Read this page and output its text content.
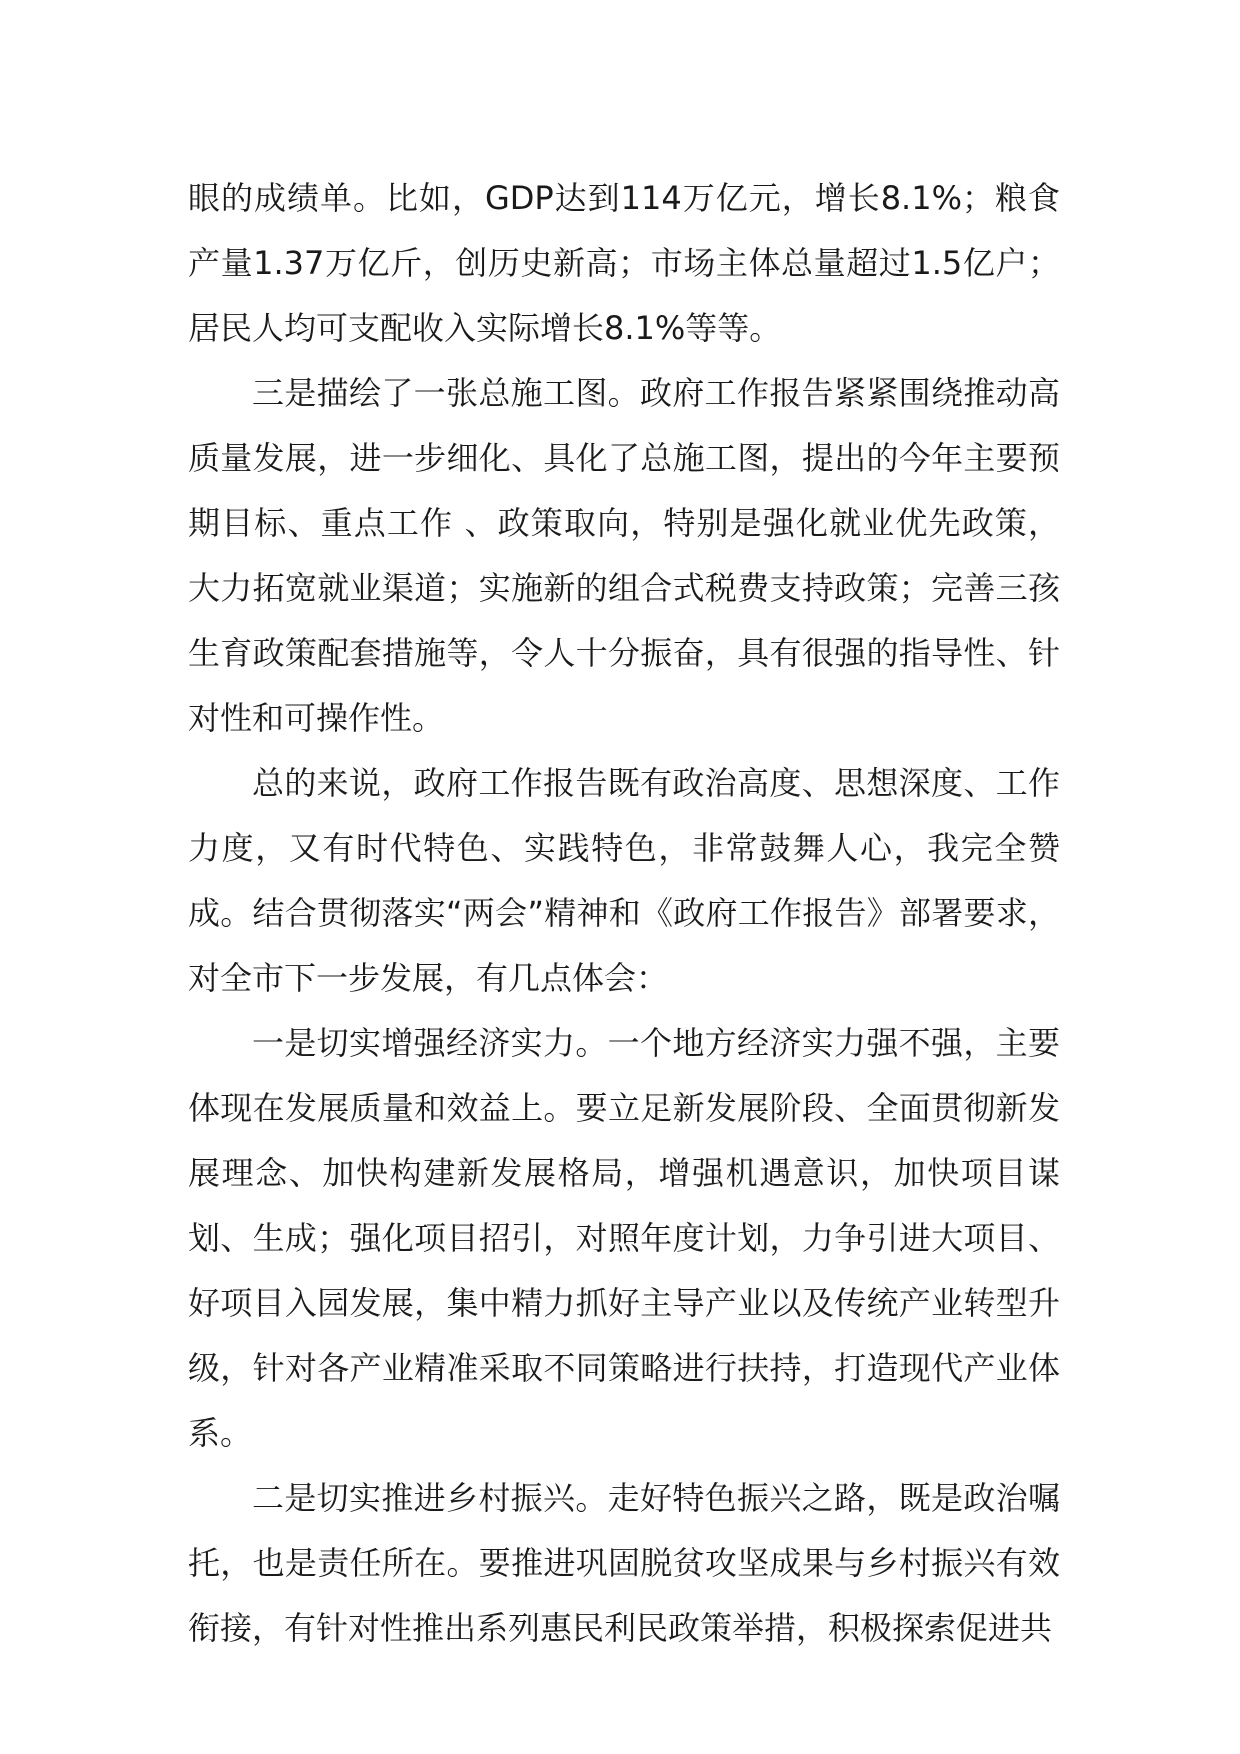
眼的成绩单。比如，GDP达到114万亿元，增长8.1%；粮食产量1.37万亿斤，创历史新高；市场主体总量超过1.5亿户；居民人均可支配收入实际增长8.1%等等。

三是描绘了一张总施工图。政府工作报告紧紧围绕推动高质量发展，进一步细化、具化了总施工图，提出的今年主要预期目标、重点工作 、政策取向，特别是强化就业优先政策，大力拓宽就业渠道；实施新的组合式税费支持政策；完善三孩生育政策配套措施等，令人十分振奋，具有很强的指导性、针对性和可操作性。

总的来说，政府工作报告既有政治高度、思想深度、工作力度，又有时代特色、实践特色，非常鼓舞人心，我完全赞成。结合贯彻落实“两会”精神和《政府工作报告》部署要求，对全市下一步发展，有几点体会：

一是切实增强经济实力。一个地方经济实力强不强，主要体现在发展质量和效益上。要立足新发展阶段、全面贯彻新发展理念、加快构建新发展格局，增强机遇意识，加快项目谋划、生成；强化项目招引，对照年度计划，力争引进大项目、好项目入园发展，集中精力抓好主导产业以及传统产业转型升级，针对各产业精准采取不同策略进行扶持，打造现代产业体系。

二是切实推进乡村振兴。走好特色振兴之路，既是政治嘱托，也是责任所在。要推进巩固脱贫攻坚成果与乡村振兴有效衔接，有针对性推出系列惠民利民政策举措，积极探索促进共
